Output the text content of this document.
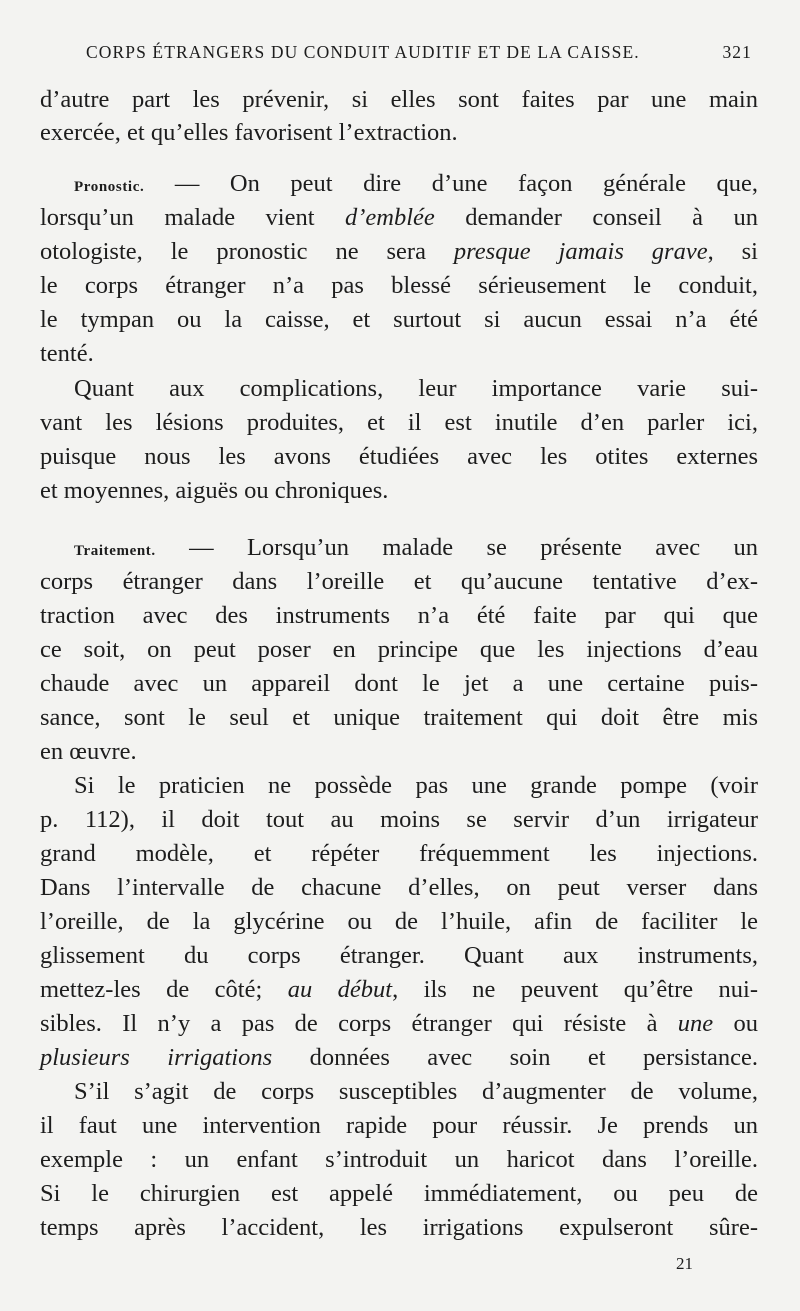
CORPS ÉTRANGERS DU CONDUIT AUDITIF ET DE LA CAISSE.	321
d’autre part les prévenir, si elles sont faites par une main
exercée, et qu’elles favorisent l’extraction.
Pronostic. — On peut dire d’une façon générale que,
lorsqu’un malade vient d’emblée demander conseil à un
otologiste, le pronostic ne sera presque jamais grave, si
le corps étranger n’a pas blessé sérieusement le conduit,
le tympan ou la caisse, et surtout si aucun essai n’a été
tenté.
Quant aux complications, leur importance varie sui-
vant les lésions produites, et il est inutile d’en parler ici,
puisque nous les avons étudiées avec les otites externes
et moyennes, aiguës ou chroniques.
Traitement. — Lorsqu’un malade se présente avec un
corps étranger dans l’oreille et qu’aucune tentative d’ex-
traction avec des instruments n’a été faite par qui que
ce soit, on peut poser en principe que les injections d’eau
chaude avec un appareil dont le jet a une certaine puis-
sance, sont le seul et unique traitement qui doit être mis
en œuvre.
Si le praticien ne possède pas une grande pompe (voir
p. 112), il doit tout au moins se servir d’un irrigateur
grand modèle, et répéter fréquemment les injections.
Dans l’intervalle de chacune d’elles, on peut verser dans
l’oreille, de la glycérine ou de l’huile, afin de faciliter le
glissement du corps étranger. Quant aux instruments,
mettez-les de côté; au début, ils ne peuvent qu’être nui-
sibles. Il n’y a pas de corps étranger qui résiste à une ou
plusieurs irrigations données avec soin et persistance.
S’il s’agit de corps susceptibles d’augmenter de volume,
il faut une intervention rapide pour réussir. Je prends un
exemple : un enfant s’introduit un haricot dans l’oreille.
Si le chirurgien est appelé immédiatement, ou peu de
temps après l’accident, les irrigations expulseront sûre-
21
